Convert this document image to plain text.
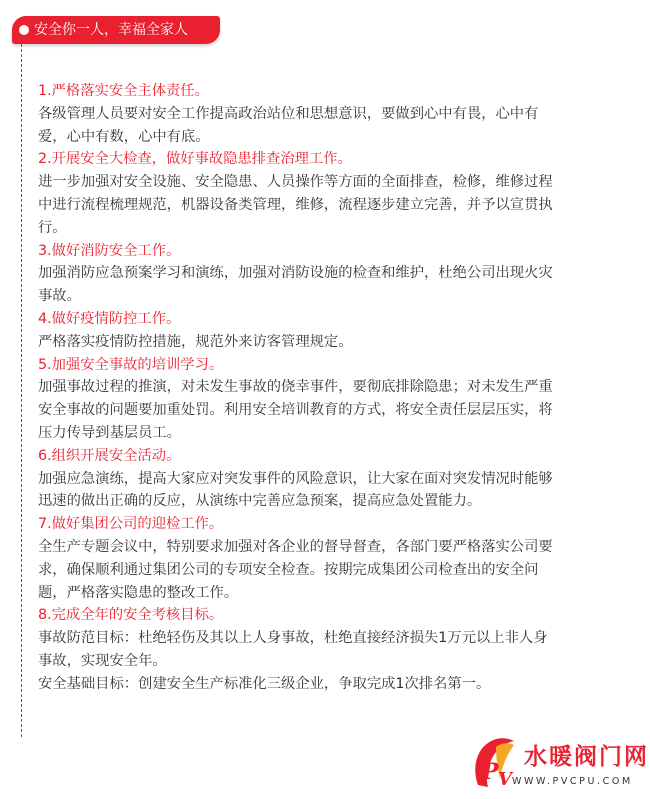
安全你一人，幸福全家人

1.严格落实安全主体责任。

各级管理人员要对安全工作提高政治站位和思想意识，要做到心中有畏，心中有

爱，心中有数，心中有底。

2.开展安全大检查，做好事故隐患排查治理工作。

进一步加强对安全设施、安全隐患、人员操作等方面的全面排查，检修，维修过程

中进行流程梳理规范，机器设备类管理，维修，流程逐步建立完善，并予以宣贯执

行。

3.做好消防安全工作。

加强消防应急预案学习和演练，加强对消防设施的检查和维护，杜绝公司出现火灾

事故。

4.做好疫情防控工作。

严格落实疫情防控措施，规范外来访客管理规定。

5.加强安全事故的培训学习。

加强事故过程的推演，对未发生事故的侥幸事件，要彻底排除隐患；对未发生严重

安全事故的问题要加重处罚。利用安全培训教育的方式，将安全责任层层压实，将

压力传导到基层员工。

6.组织开展安全活动。

加强应急演练，提高大家应对突发事件的风险意识，让大家在面对突发情况时能够

迅速的做出正确的反应，从演练中完善应急预案，提高应急处置能力。

7.做好集团公司的迎检工作。

全生产专题会议中，特别要求加强对各企业的督导督查，各部门要严格落实公司要

求，确保顺利通过集团公司的专项安全检查。按期完成集团公司检查出的安全问

题，严格落实隐患的整改工作。

8.完成全年的安全考核目标。

事故防范目标：杜绝轻伤及其以上人身事故，杜绝直接经济损失1万元以上非人身

事故，实现安全年。

安全基础目标：创建安全生产标准化三级企业，争取完成1次排名第一。

P V
水暖阀门网
WWW.PVCPU.COM
